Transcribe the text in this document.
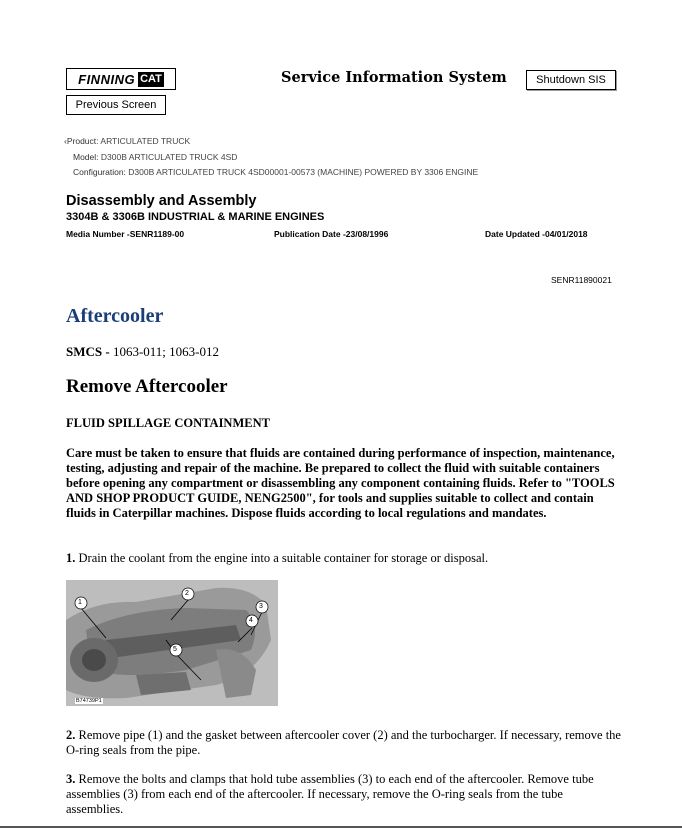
FINNING CAT	Service Information System	Shutdown SIS
Previous Screen
‹Product: ARTICULATED TRUCK
Model: D300B ARTICULATED TRUCK 4SD
Configuration: D300B ARTICULATED TRUCK 4SD00001-00573 (MACHINE) POWERED BY 3306 ENGINE
Disassembly and Assembly
3304B & 3306B INDUSTRIAL & MARINE ENGINES
Media Number -SENR1189-00	Publication Date -23/08/1996	Date Updated -04/01/2018
SENR11890021
Aftercooler
SMCS - 1063-011; 1063-012
Remove Aftercooler
FLUID SPILLAGE CONTAINMENT
Care must be taken to ensure that fluids are contained during performance of inspection, maintenance, testing, adjusting and repair of the machine. Be prepared to collect the fluid with suitable containers before opening any compartment or disassembling any component containing fluids. Refer to "TOOLS AND SHOP PRODUCT GUIDE, NENG2500", for tools and supplies suitable to collect and contain fluids in Caterpillar machines. Dispose fluids according to local regulations and mandates.
1. Drain the coolant from the engine into a suitable container for storage or disposal.
1
2
3
4
5
B74739P1
2. Remove pipe (1) and the gasket between aftercooler cover (2) and the turbocharger. If necessary, remove the O-ring seals from the pipe.
3. Remove the bolts and clamps that hold tube assemblies (3) to each end of the aftercooler. Remove tube assemblies (3) from each end of the aftercooler. If necessary, remove the O-ring seals from the tube assemblies.
